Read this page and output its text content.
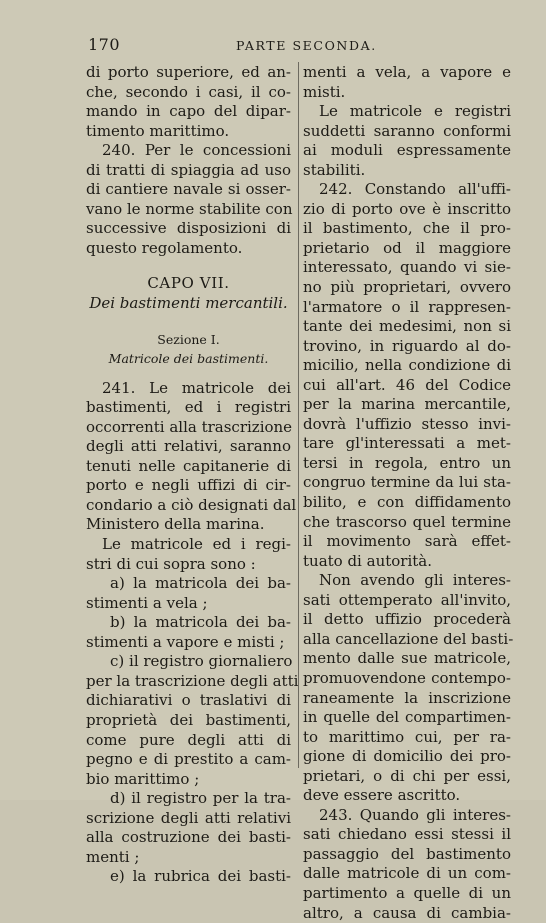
170	PARTE SECONDA.
di porto superiore, ed an-
che, secondo i casi, il co-
mando in capo del dipar-
timento marittimo.
240. Per le concessioni
di tratti di spiaggia ad uso
di cantiere navale si osser-
vano le norme stabilite con
successive disposizioni di
questo regolamento.
CAPO VII.
Dei bastimenti mercantili.
Sezione I.
Matricole dei bastimenti.
241. Le matricole dei
bastimenti, ed i registri
occorrenti alla trascrizione
degli atti relativi, saranno
tenuti nelle capitanerie di
porto e negli uffizi di cir-
condario a ciò designati dal
Ministero della marina.
Le matricole ed i regi-
stri di cui sopra sono :
a) la matricola dei ba-
stimenti a vela ;
b) la matricola dei ba-
stimenti a vapore e misti ;
c) il registro giornaliero
per la trascrizione degli atti
dichiarativi o traslativi di
proprietà dei bastimenti,
come pure degli atti di
pegno e di prestito a cam-
bio marittimo ;
d) il registro per la tra-
scrizione degli atti relativi
alla costruzione dei basti-
menti ;
e) la rubrica dei basti-
menti a vela, a vapore e
misti.
Le matricole e registri
suddetti saranno conformi
ai moduli espressamente
stabiliti.
242. Constando all'uffi-
zio di porto ove è inscritto
il bastimento, che il pro-
prietario od il maggiore
interessato, quando vi sie-
no più proprietari, ovvero
l'armatore o il rappresen-
tante dei medesimi, non si
trovino, in riguardo al do-
micilio, nella condizione di
cui all'art. 46 del Codice
per la marina mercantile,
dovrà l'uffizio stesso invi-
tare gl'interessati a met-
tersi in regola, entro un
congruo termine da lui sta-
bilito, e con diffidamento
che trascorso quel termine
il movimento sarà effet-
tuato di autorità.
Non avendo gli interes-
sati ottemperato all'invito,
il detto uffizio procederà
alla cancellazione del basti-
mento dalle sue matricole,
promuovendone contempo-
raneamente la inscrizione
in quelle del compartimen-
to marittimo cui, per ra-
gione di domicilio dei pro-
prietari, o di chi per essi,
deve essere ascritto.
243. Quando gli interes-
sati chiedano essi stessi il
passaggio del bastimento
dalle matricole di un com-
partimento a quelle di un
altro, a causa di cambia-
